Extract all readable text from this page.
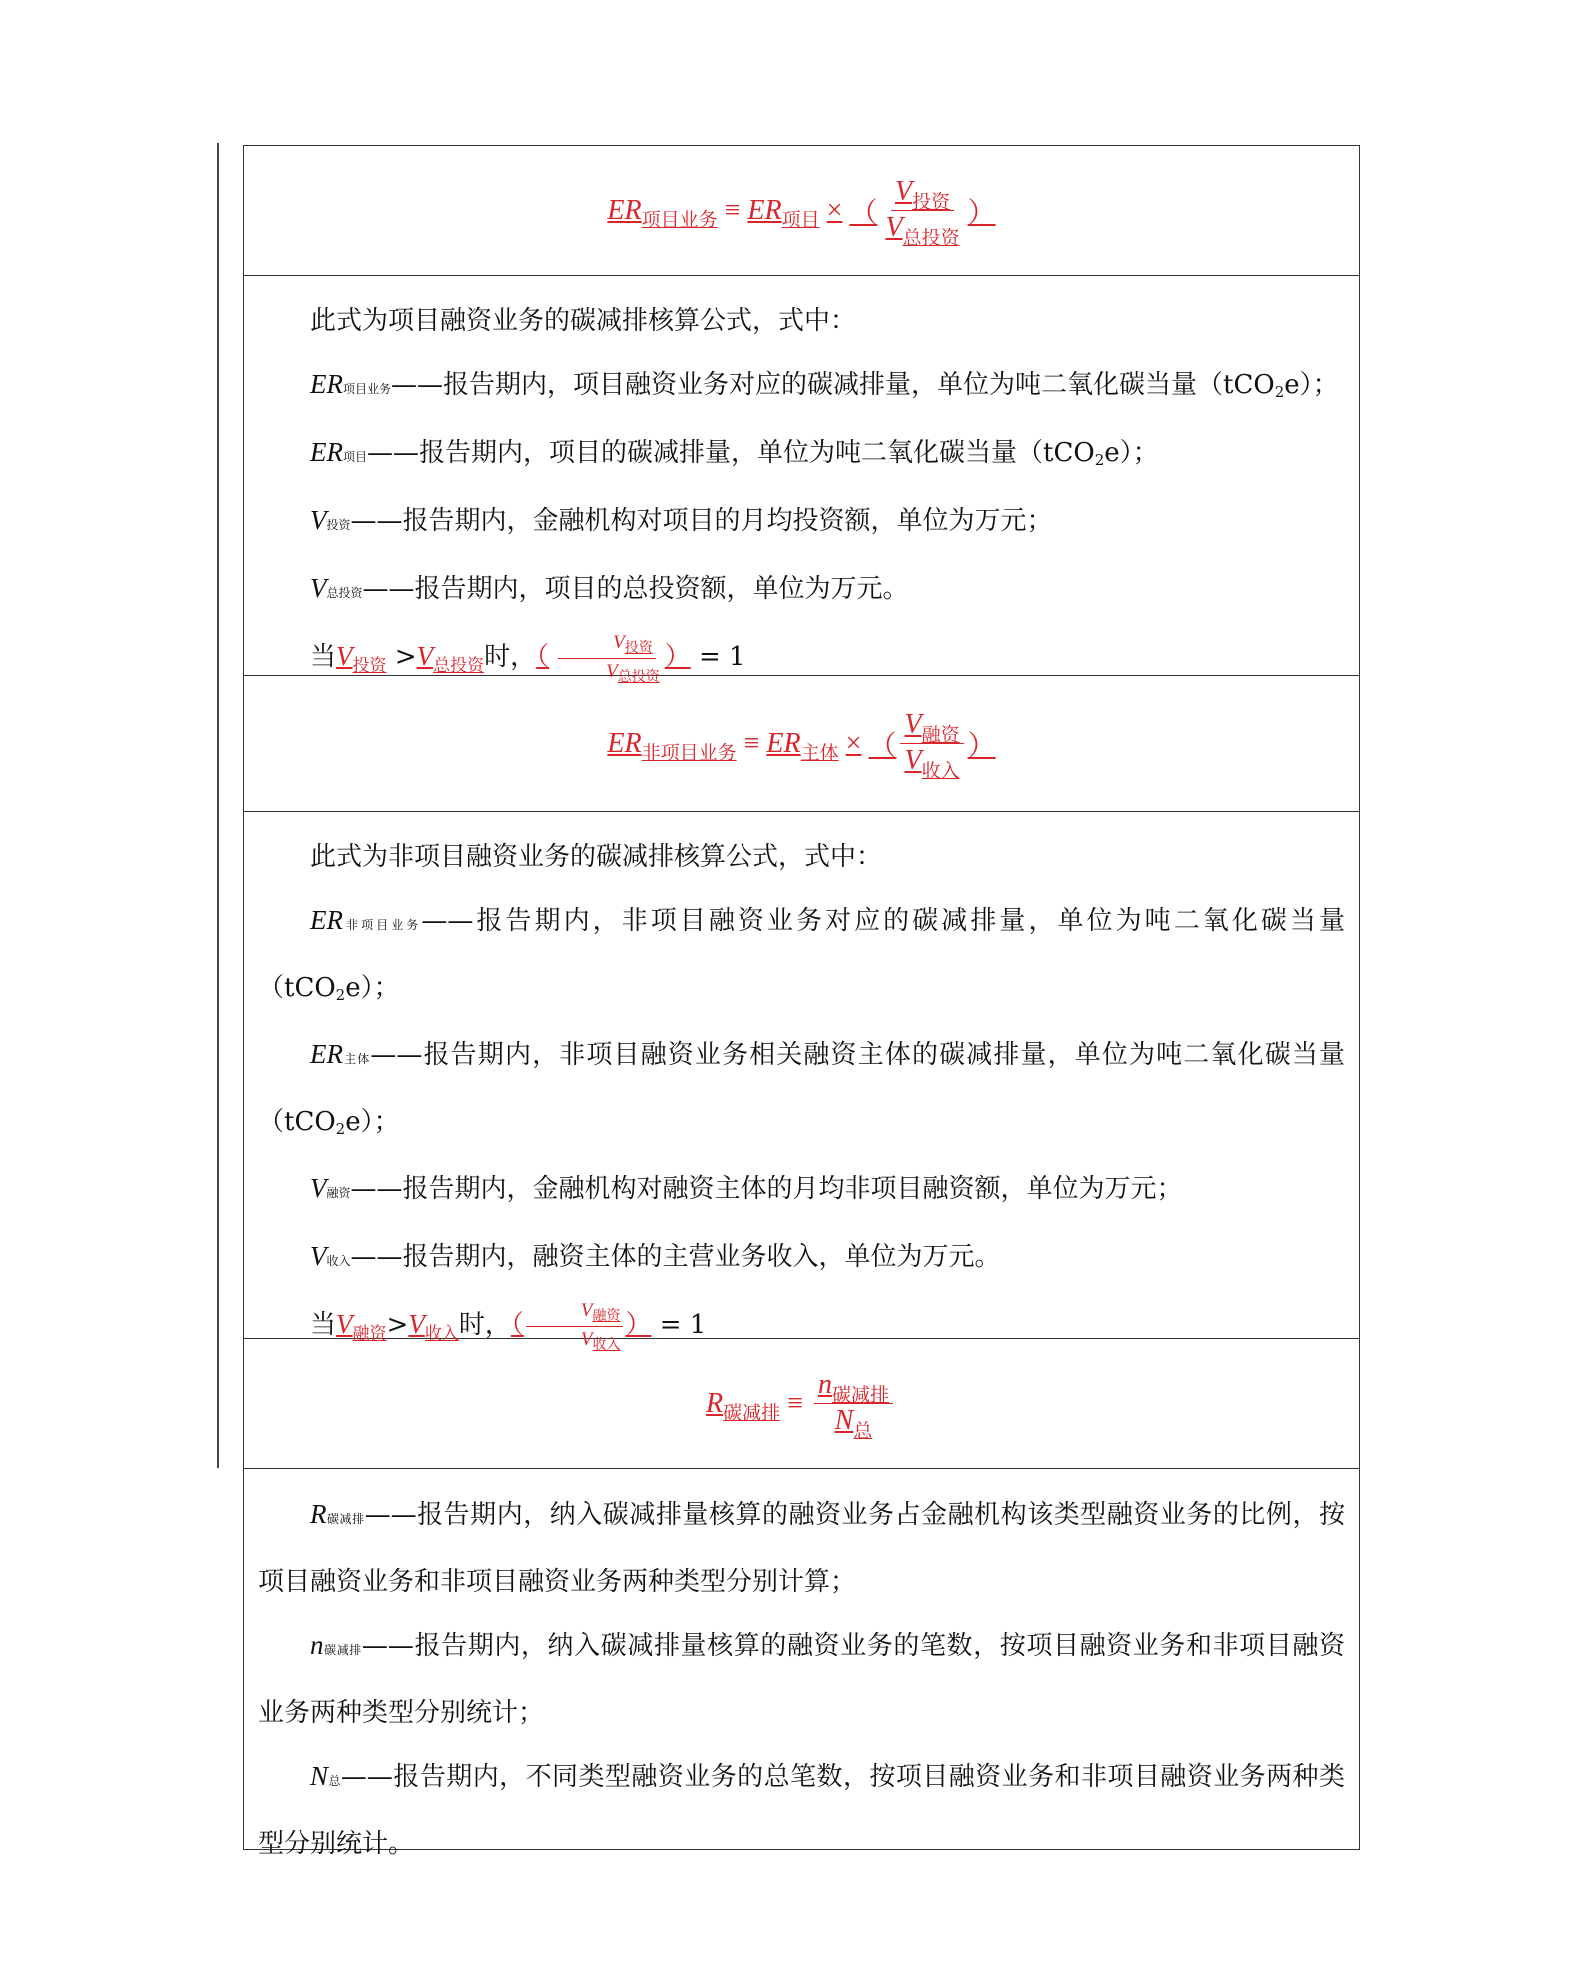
ER 项目业务 ≡ ER 项目 × （ $\frac{V_{投资}}{V_{总投资}}$ ）

此式为项目融资业务的碳减排核算公式，式中：

ER项目业务——报告期内，项目融资业务对应的碳减排量，单位为吨二氧化碳当量（tCO2e）；

ER项目——报告期内，项目的碳减排量，单位为吨二氧化碳当量（tCO2e）；

V投资——报告期内，金融机构对项目的月均投资额，单位为万元；

V总投资——报告期内，项目的总投资额，单位为万元。

当$V_{投资} >V_{总投资}$时，（ $\frac{V_{投资}}{V_{总投资}}$ ） = 1

ER 非项目业务 ≡ ER 主体 × （ $\frac{V_{融资}}{V_{收入}}$ ）

此式为非项目融资业务的碳减排核算公式，式中：

ER非项目业务——报告期内，非项目融资业务对应的碳减排量，单位为吨二氧化碳当量（tCO2e）；

ER主体——报告期内，非项目融资业务相关融资主体的碳减排量，单位为吨二氧化碳当量（tCO2e）；

V融资——报告期内，金融机构对融资主体的月均非项目融资额，单位为万元；

V收入——报告期内，融资主体的主营业务收入，单位为万元。

当$V_{融资}>V_{收入}$时，（ $\frac{V_{融资}}{V_{收入}}$ ） = 1

R 碳减排 ≡ $\frac{n_{碳减排}}{N_总}$

R碳减排——报告期内，纳入碳减排量核算的融资业务占金融机构该类型融资业务的比例，按项目融资业务和非项目融资业务两种类型分别计算；

n碳减排——报告期内，纳入碳减排量核算的融资业务的笔数，按项目融资业务和非项目融资业务两种类型分别统计；

N总——报告期内，不同类型融资业务的总笔数，按项目融资业务和非项目融资业务两种类型分别统计。
